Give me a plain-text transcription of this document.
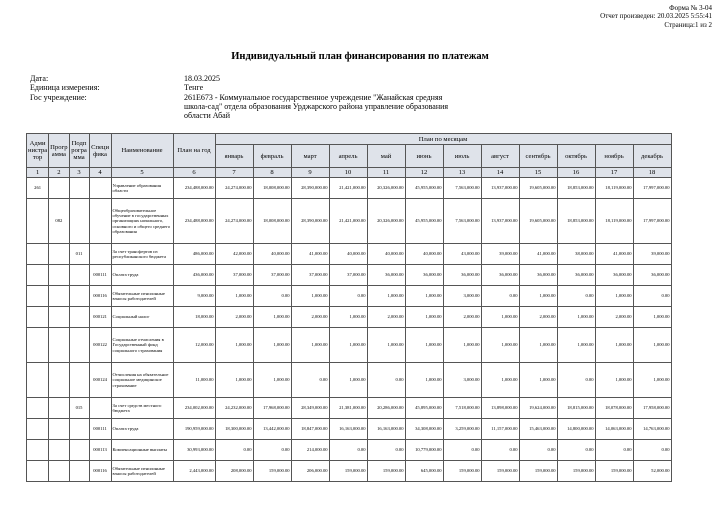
Форма № 3-04
Отчет произведен: 20.03.2025 5:55:41
Страница:1 из 2
Индивидуальный план финансирования по платежам
Дата:	18.03.2025
Единица измерения:	Тенге
Гос учреждение:	261E673 - Коммунальное государственное учреждение "Жанайская средняя
школа-сад" отдела образования Урджарского района управление образования
области Абай
Адми нистра тор	Прогр амма	Подп рогра мма	Специ фика	Наименование	План на год	План по месяцам											
						январь	февраль	март	апрель	май	июнь	июль	август	сентябрь	октябрь	ноябрь	декабрь
1	2	3	4	5	6	7	8	9	10	11	12	13	14	15	16	17	18
261				Управление образования области	234,488,000.00	24,274,000.00	18,008,000.00	28,390,000.00	21,421,000.00	20,326,000.00	45,955,000.00	7,563,000.00	13,937,000.00	19,605,000.00	18,853,000.00	18,119,000.00	17,997,000.00
	082			Общеобразовательное обучение в государственных организациях начального, основного и общего среднего образования	234,488,000.00	24,274,000.00	18,008,000.00	28,390,000.00	21,421,000.00	20,326,000.00	45,955,000.00	7,563,000.00	13,937,000.00	19,605,000.00	18,853,000.00	18,119,000.00	17,997,000.00
		011		За счет трансфертов из республиканского бюджета	486,000.00	42,000.00	40,000.00	41,000.00	40,000.00	40,000.00	40,000.00	43,000.00	39,000.00	41,000.00	38,000.00	41,000.00	39,000.00
			000111	Оплата труда	436,000.00	37,000.00	37,000.00	37,000.00	37,000.00	36,000.00	36,000.00	36,000.00	36,000.00	36,000.00	36,000.00	36,000.00	36,000.00
			000116	Обязательные пенсионные взносы работодателей	9,000.00	1,000.00	0.00	1,000.00	0.00	1,000.00	1,000.00	3,000.00	0.00	1,000.00	0.00	1,000.00	0.00
			000121	Социальный налог	18,000.00	2,000.00	1,000.00	2,000.00	1,000.00	2,000.00	1,000.00	2,000.00	1,000.00	2,000.00	1,000.00	2,000.00	1,000.00
			000122	Социальные отчисления в Государственный фонд социального страхования	12,000.00	1,000.00	1,000.00	1,000.00	1,000.00	1,000.00	1,000.00	1,000.00	1,000.00	1,000.00	1,000.00	1,000.00	1,000.00
			000124	Отчисления на обязательное социальное медицинское страхование	11,000.00	1,000.00	1,000.00	0.00	1,000.00	0.00	1,000.00	3,000.00	1,000.00	1,000.00	0.00	1,000.00	1,000.00
		015		За счет средств местного бюджета	234,002,000.00	24,232,000.00	17,968,000.00	28,349,000.00	21,381,000.00	20,286,000.00	45,895,000.00	7,518,000.00	13,898,000.00	19,624,000.00	18,815,000.00	18,078,000.00	17,958,000.00
			000111	Оплата труда	190,959,000.00	18,300,000.00	13,442,000.00	18,847,000.00	16,163,000.00	16,163,000.00	34,308,000.00	3,259,000.00	11,157,000.00	15,463,000.00	14,800,000.00	14,063,000.00	14,763,000.00
			000113	Компенсационные выплаты	30,993,000.00	0.00	0.00	214,000.00	0.00	0.00	10,779,000.00	0.00	0.00	0.00	0.00	0.00	0.00
			000116	Обязательные пенсионные взносы работодателей	2,443,000.00	208,000.00	159,000.00	206,000.00	159,000.00	159,000.00	645,000.00	159,000.00	159,000.00	159,000.00	159,000.00	159,000.00	52,000.00
